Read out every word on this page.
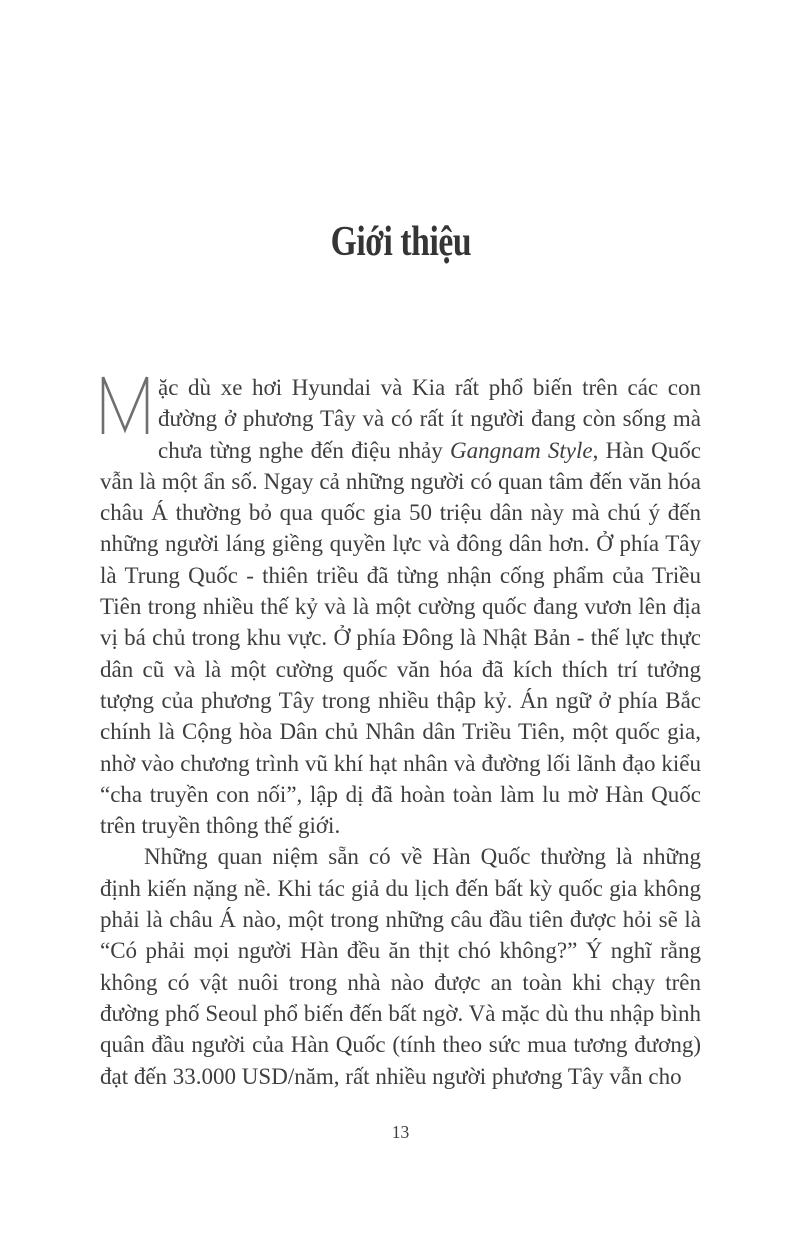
Giới thiệu

ặc dù xe hơi Hyundai và Kia rất phổ biến trên các con đường ở phương Tây và có rất ít người đang còn sống mà chưa từng nghe đến điệu nhảy Gangnam Style, Hàn Quốc vẫn là một ẩn số. Ngay cả những người có quan tâm đến văn hóa châu Á thường bỏ qua quốc gia 50 triệu dân này mà chú ý đến những người láng giềng quyền lực và đông dân hơn. Ở phía Tây là Trung Quốc - thiên triều đã từng nhận cống phẩm của Triều Tiên trong nhiều thế kỷ và là một cường quốc đang vươn lên địa vị bá chủ trong khu vực. Ở phía Đông là Nhật Bản - thế lực thực dân cũ và là một cường quốc văn hóa đã kích thích trí tưởng tượng của phương Tây trong nhiều thập kỷ. Án ngữ ở phía Bắc chính là Cộng hòa Dân chủ Nhân dân Triều Tiên, một quốc gia, nhờ vào chương trình vũ khí hạt nhân và đường lối lãnh đạo kiểu “cha truyền con nối”, lập dị đã hoàn toàn làm lu mờ Hàn Quốc trên truyền thông thế giới.

Những quan niệm sẵn có về Hàn Quốc thường là những định kiến nặng nề. Khi tác giả du lịch đến bất kỳ quốc gia không phải là châu Á nào, một trong những câu đầu tiên được hỏi sẽ là “Có phải mọi người Hàn đều ăn thịt chó không?” Ý nghĩ rằng không có vật nuôi trong nhà nào được an toàn khi chạy trên đường phố Seoul phổ biến đến bất ngờ. Và mặc dù thu nhập bình quân đầu người của Hàn Quốc (tính theo sức mua tương đương) đạt đến 33.000 USD/năm, rất nhiều người phương Tây vẫn cho

13
